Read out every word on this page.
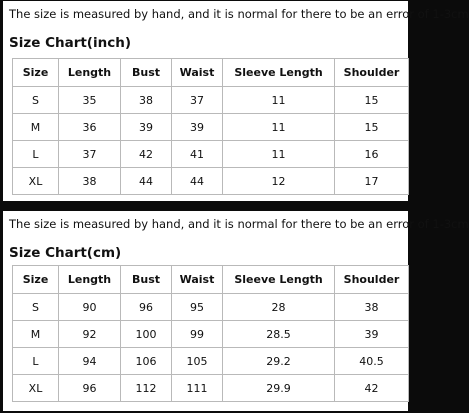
The size is measured by hand, and it is normal for there to be an error of 1-3cm
Size Chart(inch)
Size	Length	Bust	Waist	Sleeve Length	Shoulder
S	35	38	37	11	15
M	36	39	39	11	15
L	37	42	41	11	16
XL	38	44	44	12	17
The size is measured by hand, and it is normal for there to be an error of 1-3cm
Size Chart(cm)
Size	Length	Bust	Waist	Sleeve Length	Shoulder
S	90	96	95	28	38
M	92	100	99	28.5	39
L	94	106	105	29.2	40.5
XL	96	112	111	29.9	42
